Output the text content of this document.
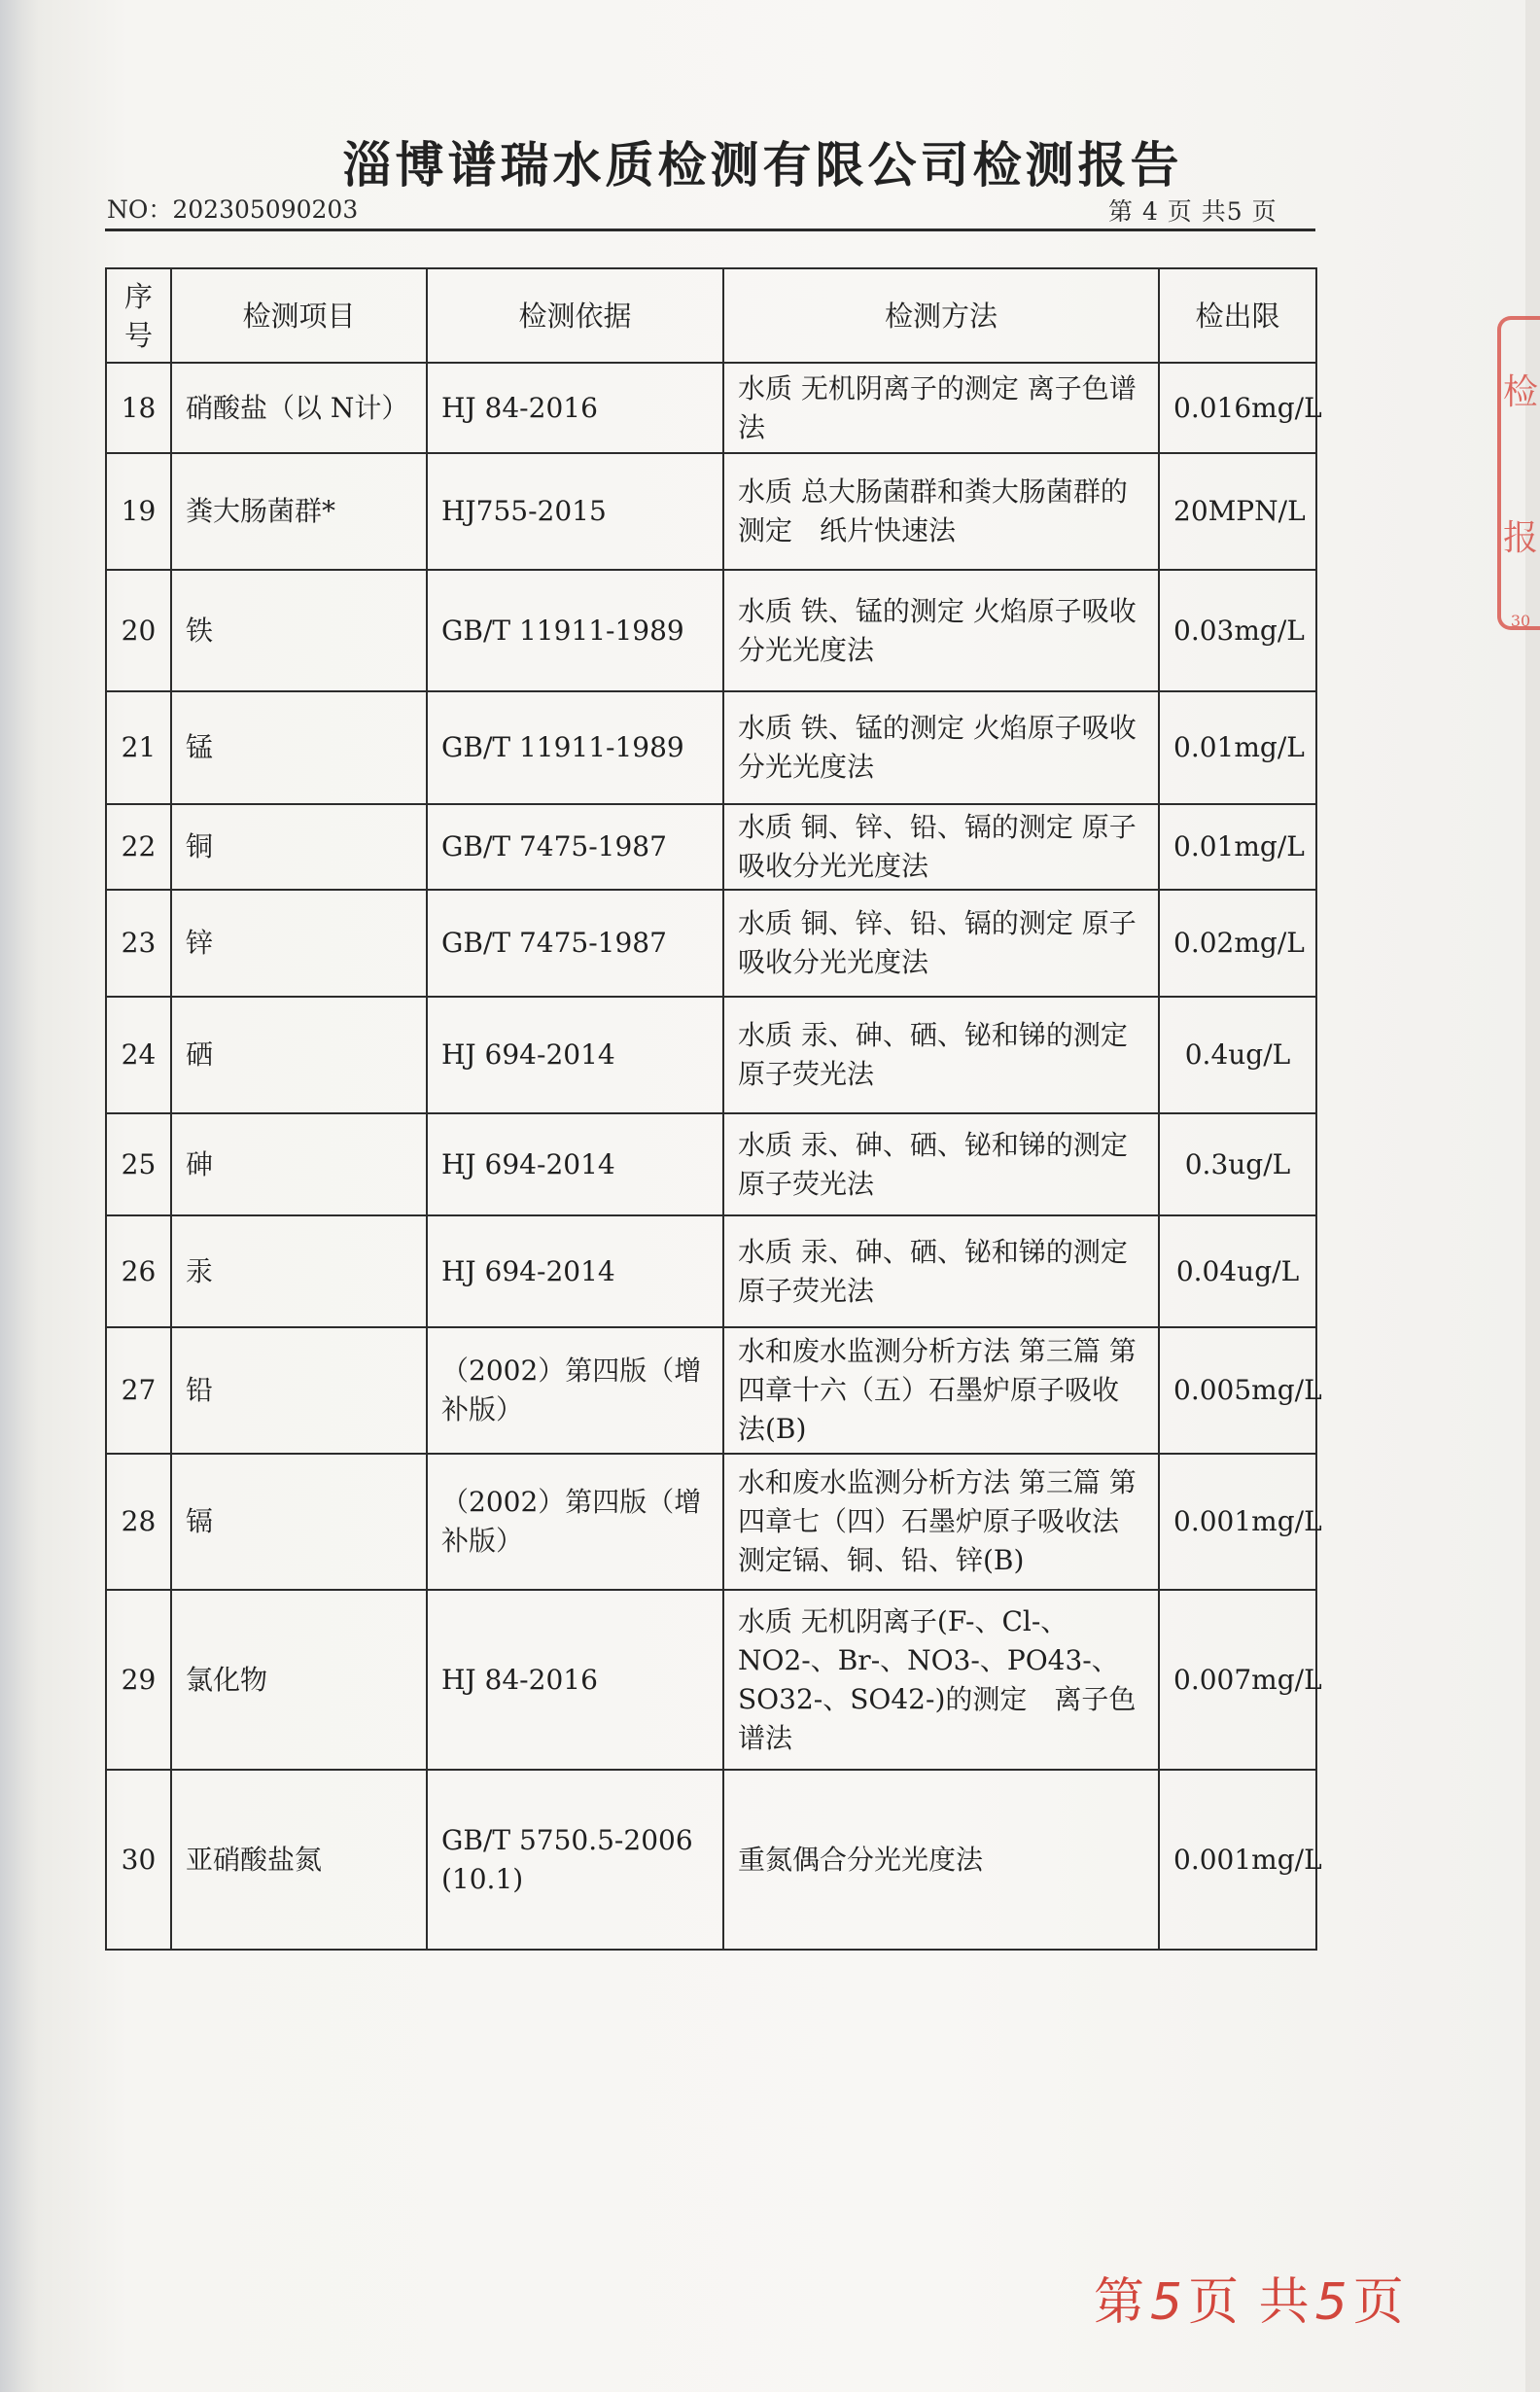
淄博谱瑞水质检测有限公司检测报告
NO：202305090203	第 4 页 共5 页
序号	检测项目	检测依据	检测方法	检出限
18	硝酸盐（以 N计）	HJ 84-2016	水质 无机阴离子的测定 离子色谱法	0.016mg/L
19	粪大肠菌群*	HJ755-2015	水质 总大肠菌群和粪大肠菌群的测定　纸片快速法	20MPN/L
20	铁	GB/T 11911-1989	水质 铁、锰的测定 火焰原子吸收分光光度法	0.03mg/L
21	锰	GB/T 11911-1989	水质 铁、锰的测定 火焰原子吸收分光光度法	0.01mg/L
22	铜	GB/T 7475-1987	水质 铜、锌、铅、镉的测定 原子吸收分光光度法	0.01mg/L
23	锌	GB/T 7475-1987	水质 铜、锌、铅、镉的测定 原子吸收分光光度法	0.02mg/L
24	硒	HJ 694-2014	水质 汞、砷、硒、铋和锑的测定 原子荧光法	0.4ug/L
25	砷	HJ 694-2014	水质 汞、砷、硒、铋和锑的测定 原子荧光法	0.3ug/L
26	汞	HJ 694-2014	水质 汞、砷、硒、铋和锑的测定 原子荧光法	0.04ug/L
27	铅	（2002）第四版（增补版）	水和废水监测分析方法 第三篇 第四章十六（五）石墨炉原子吸收法(B)	0.005mg/L
28	镉	（2002）第四版（增补版）	水和废水监测分析方法 第三篇 第四章七（四）石墨炉原子吸收法测定镉、铜、铅、锌(B)	0.001mg/L
29	氯化物	HJ 84-2016	水质 无机阴离子(F-、Cl-、NO2-、Br-、NO3-、PO43-、SO32-、SO42-)的测定　离子色谱法	0.007mg/L
30	亚硝酸盐氮	GB/T 5750.5-2006 (10.1)	重氮偶合分光光度法	0.001mg/L
检
报
30
第5页 共5页
